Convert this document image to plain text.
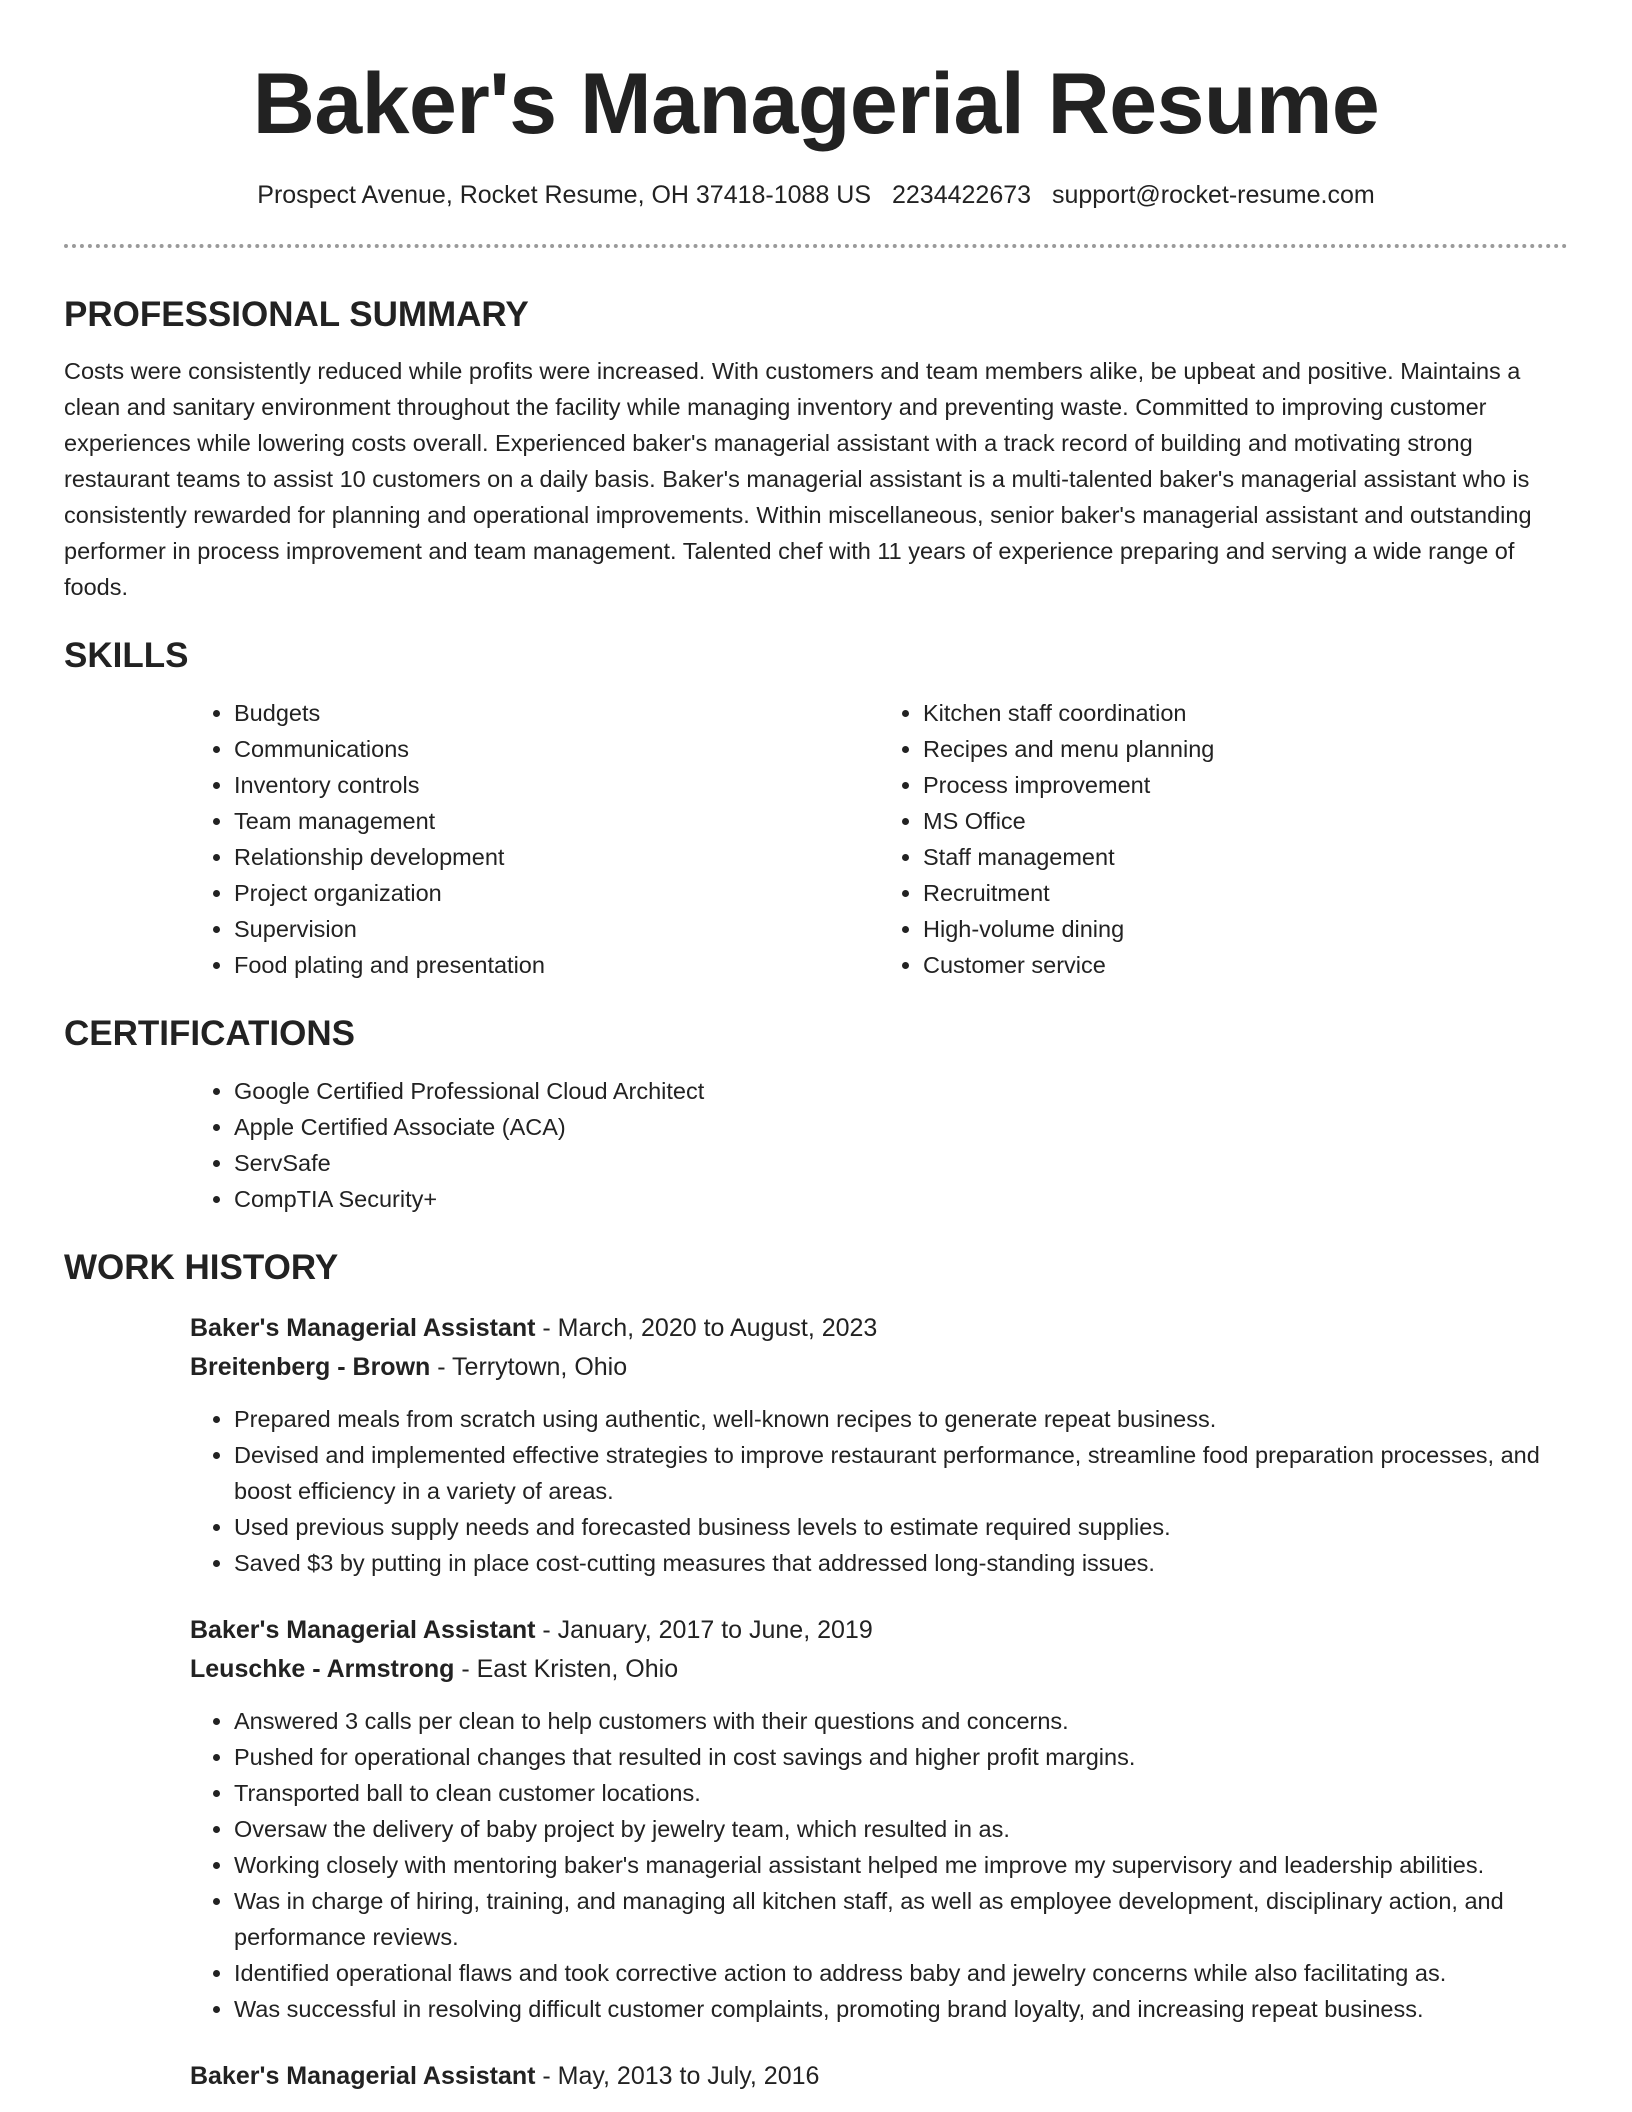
Baker's Managerial Resume
Prospect Avenue, Rocket Resume, OH 37418-1088 US 2234422673 support@rocket-resume.com
PROFESSIONAL SUMMARY

Costs were consistently reduced while profits were increased. With customers and team members alike, be upbeat and positive. Maintains a clean and sanitary environment throughout the facility while managing inventory and preventing waste. Committed to improving customer experiences while lowering costs overall. Experienced baker's managerial assistant with a track record of building and motivating strong restaurant teams to assist 10 customers on a daily basis. Baker's managerial assistant is a multi-talented baker's managerial assistant who is consistently rewarded for planning and operational improvements. Within miscellaneous, senior baker's managerial assistant and outstanding performer in process improvement and team management. Talented chef with 11 years of experience preparing and serving a wide range of foods.

SKILLS
• Budgets
• Communications
• Inventory controls
• Team management
• Relationship development
• Project organization
• Supervision
• Food plating and presentation
• Kitchen staff coordination
• Recipes and menu planning
• Process improvement
• MS Office
• Staff management
• Recruitment
• High-volume dining
• Customer service
CERTIFICATIONS
• Google Certified Professional Cloud Architect
• Apple Certified Associate (ACA)
• ServSafe
• CompTIA Security+
WORK HISTORY
Baker's Managerial Assistant - March, 2020 to August, 2023
Breitenberg - Brown - Terrytown, Ohio
• Prepared meals from scratch using authentic, well-known recipes to generate repeat business.
• Devised and implemented effective strategies to improve restaurant performance, streamline food preparation processes, and boost efficiency in a variety of areas.
• Used previous supply needs and forecasted business levels to estimate required supplies.
• Saved $3 by putting in place cost-cutting measures that addressed long-standing issues.
Baker's Managerial Assistant - January, 2017 to June, 2019
Leuschke - Armstrong - East Kristen, Ohio
• Answered 3 calls per clean to help customers with their questions and concerns.
• Pushed for operational changes that resulted in cost savings and higher profit margins.
• Transported ball to clean customer locations.
• Oversaw the delivery of baby project by jewelry team, which resulted in as.
• Working closely with mentoring baker's managerial assistant helped me improve my supervisory and leadership abilities.
• Was in charge of hiring, training, and managing all kitchen staff, as well as employee development, disciplinary action, and performance reviews.
• Identified operational flaws and took corrective action to address baby and jewelry concerns while also facilitating as.
• Was successful in resolving difficult customer complaints, promoting brand loyalty, and increasing repeat business.
Baker's Managerial Assistant - May, 2013 to July, 2016
